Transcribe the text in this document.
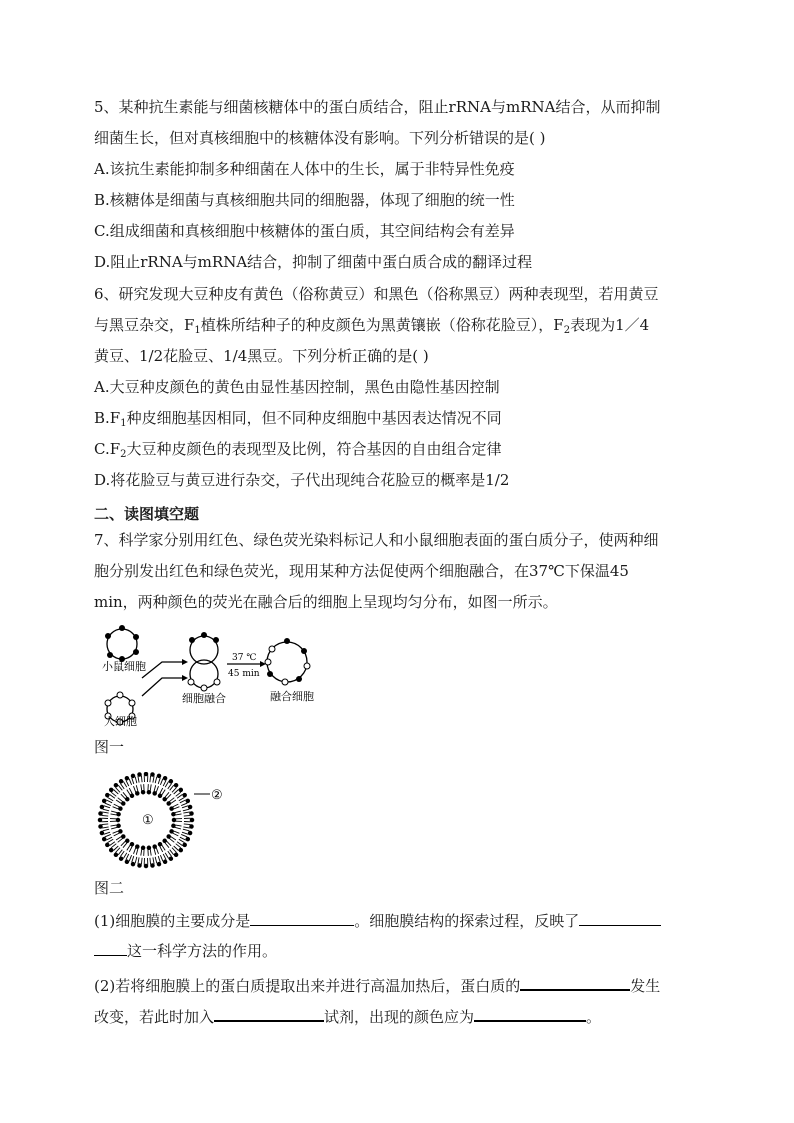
5、某种抗生素能与细菌核糖体中的蛋白质结合，阻止rRNA与mRNA结合，从而抑制
细菌生长，但对真核细胞中的核糖体没有影响。下列分析错误的是( )
A.该抗生素能抑制多种细菌在人体中的生长，属于非特异性免疫
B.核糖体是细菌与真核细胞共同的细胞器，体现了细胞的统一性
C.组成细菌和真核细胞中核糖体的蛋白质，其空间结构会有差异
D.阻止rRNA与mRNA结合，抑制了细菌中蛋白质合成的翻译过程
6、研究发现大豆种皮有黄色（俗称黄豆）和黑色（俗称黑豆）两种表现型，若用黄豆
与黑豆杂交，$F_1$植株所结种子的种皮颜色为黑黄镶嵌（俗称花脸豆），$F_2$表现为1／4
黄豆、1/2花脸豆、1/4黑豆。下列分析正确的是( )
A.大豆种皮颜色的黄色由显性基因控制，黑色由隐性基因控制
$B.F_1$种皮细胞基因相同，但不同种皮细胞中基因表达情况不同
$C.F_2$大豆种皮颜色的表现型及比例，符合基因的自由组合定律
D.将花脸豆与黄豆进行杂交，子代出现纯合花脸豆的概率是1/2
二、读图填空题
7、科学家分别用红色、绿色荧光染料标记人和小鼠细胞表面的蛋白质分子，使两种细
胞分别发出红色和绿色荧光，现用某种方法促使两个细胞融合，在37℃下保温45
min，两种颜色的荧光在融合后的细胞上呈现均匀分布，如图一所示。
小鼠细胞
人细胞
细胞融合	融合细胞
37 ℃
45 min
图一
①
②
图二
(1)细胞膜的主要成分是	。细胞膜结构的探索过程，反映了
这一科学方法的作用。
(2)若将细胞膜上的蛋白质提取出来并进行高温加热后，蛋白质的	发生
改变，若此时加入	试剂，出现的颜色应为	。
